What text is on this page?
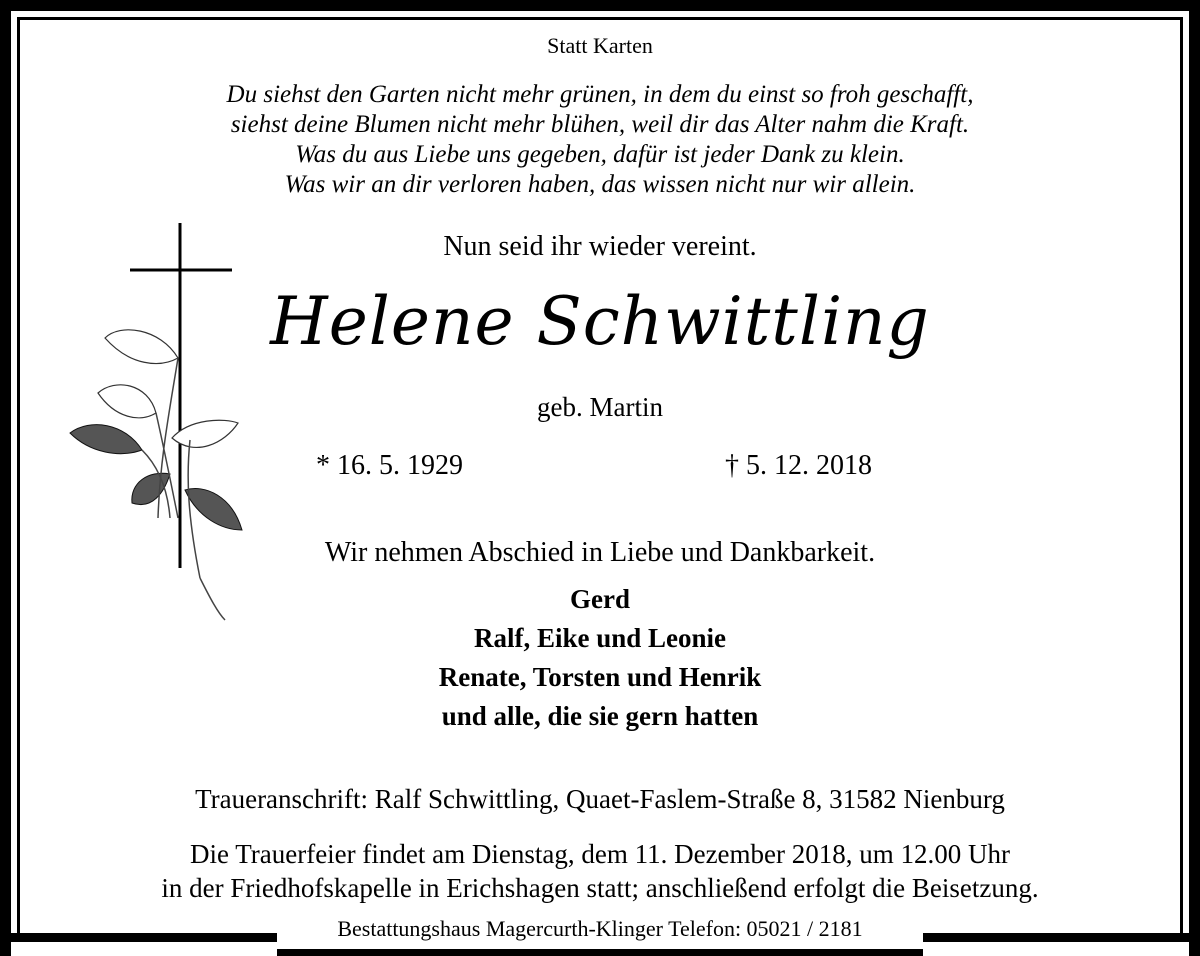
Statt Karten
Du siehst den Garten nicht mehr grünen, in dem du einst so froh geschafft,
siehst deine Blumen nicht mehr blühen, weil dir das Alter nahm die Kraft.
Was du aus Liebe uns gegeben, dafür ist jeder Dank zu klein.
Was wir an dir verloren haben, das wissen nicht nur wir allein.
Nun seid ihr wieder vereint.
Helene Schwittling
geb. Martin
* 16. 5. 1929	† 5. 12. 2018
Wir nehmen Abschied in Liebe und Dankbarkeit.
Gerd
Ralf, Eike und Leonie
Renate, Torsten und Henrik
und alle, die sie gern hatten
Traueranschrift: Ralf Schwittling, Quaet-Faslem-Straße 8, 31582 Nienburg
Die Trauerfeier findet am Dienstag, dem 11. Dezember 2018, um 12.00 Uhr
in der Friedhofskapelle in Erichshagen statt; anschließend erfolgt die Beisetzung.
Bestattungshaus Magercurth-Klinger Telefon: 05021 / 2181
